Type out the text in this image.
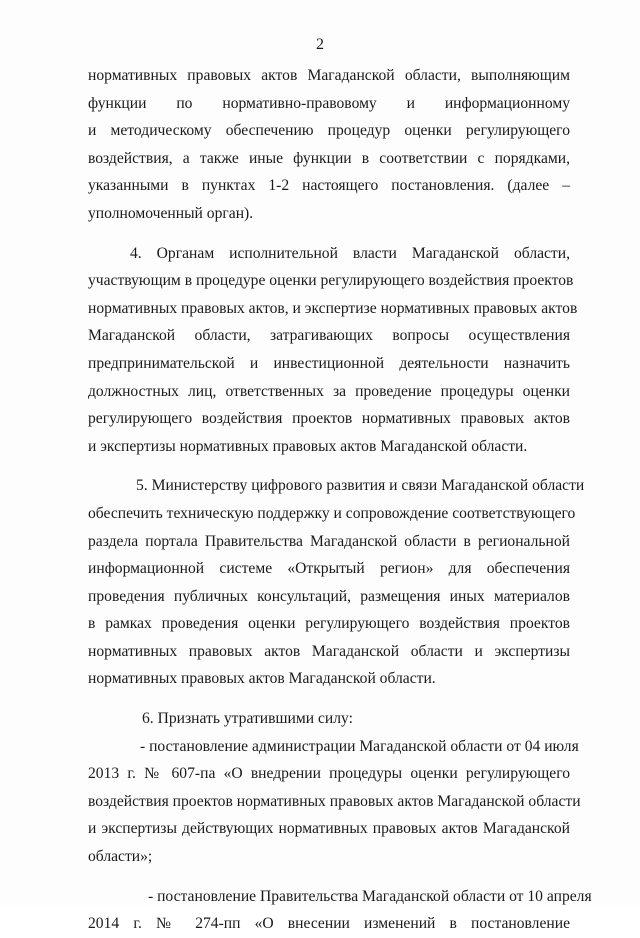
2
нормативных правовых актов Магаданской области, выполняющим
функции по нормативно-правовому и информационному
и методическому обеспечению процедур оценки регулирующего
воздействия, а также иные функции в соответствии с порядками,
указанными в пунктах 1-2 настоящего постановления. (далее –
уполномоченный орган).
4. Органам исполнительной власти Магаданской области,
участвующим в процедуре оценки регулирующего воздействия проектов
нормативных правовых актов, и экспертизе нормативных правовых актов
Магаданской области, затрагивающих вопросы осуществления
предпринимательской и инвестиционной деятельности назначить
должностных лиц, ответственных за проведение процедуры оценки
регулирующего воздействия проектов нормативных правовых актов
и экспертизы нормативных правовых актов Магаданской области.
5. Министерству цифрового развития и связи Магаданской области
обеспечить техническую поддержку и сопровождение соответствующего
раздела портала Правительства Магаданской области в региональной
информационной системе «Открытый регион» для обеспечения
проведения публичных консультаций, размещения иных материалов
в рамках проведения оценки регулирующего воздействия проектов
нормативных правовых актов Магаданской области и экспертизы
нормативных правовых актов Магаданской области.
6. Признать утратившими силу:
- постановление администрации Магаданской области от 04 июля
2013 г. № 607-па «О внедрении процедуры оценки регулирующего
воздействия проектов нормативных правовых актов Магаданской области
и экспертизы действующих нормативных правовых актов Магаданской
области»;
- постановление Правительства Магаданской области от 10 апреля
2014 г. № 274-пп «О внесении изменений в постановление
